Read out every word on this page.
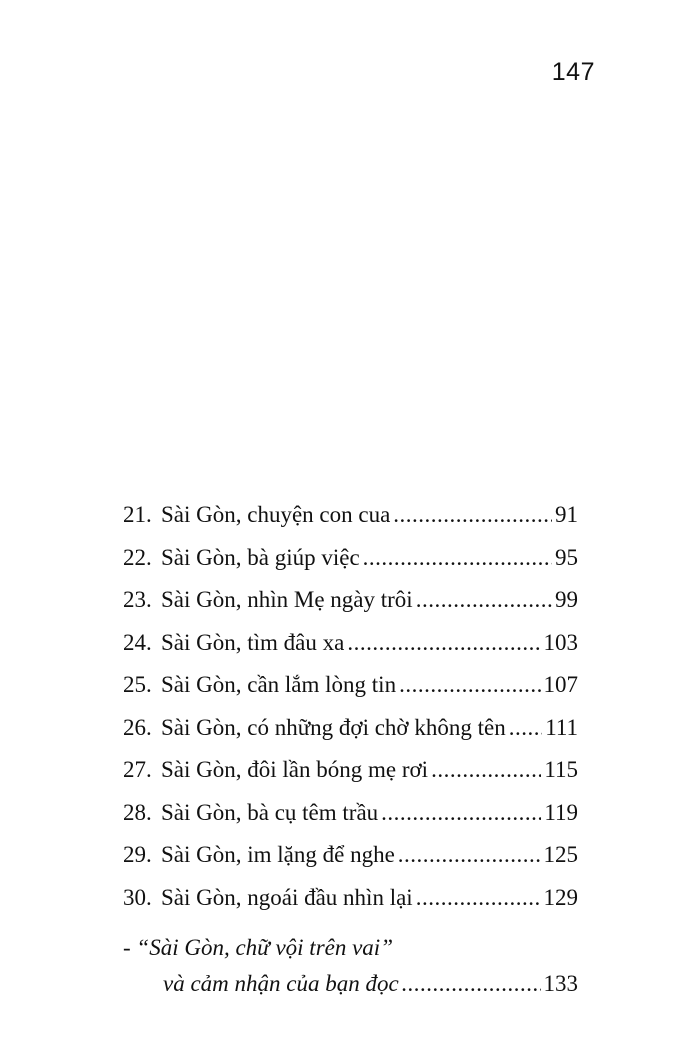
147
21. Sài Gòn, chuyện con cua .....	91
22. Sài Gòn, bà giúp việc .....	95
23. Sài Gòn, nhìn Mẹ ngày trôi .....	99
24. Sài Gòn, tìm đâu xa .....	103
25. Sài Gòn, cần lắm lòng tin .....	107
26. Sài Gòn, có những đợi chờ không tên ..... 111
27. Sài Gòn, đôi lần bóng mẹ rơi .....	115
28. Sài Gòn, bà cụ têm trầu .....	119
29. Sài Gòn, im lặng để nghe .....	125
30. Sài Gòn, ngoái đầu nhìn lại .....	129
- “Sài Gòn, chữ vội trên vai”
và cảm nhận của bạn đọc .....	133
